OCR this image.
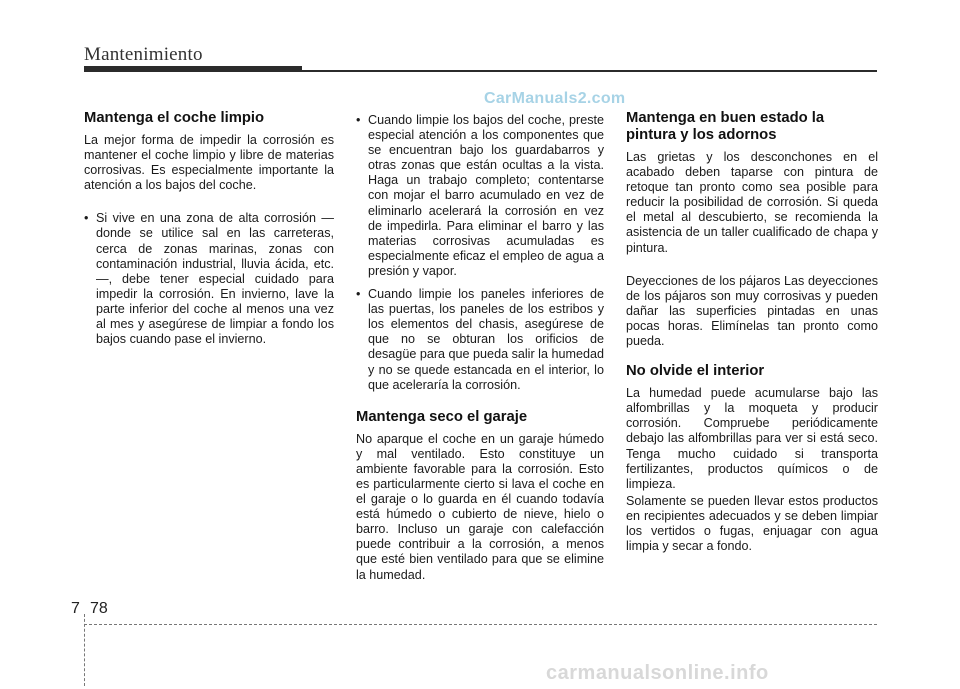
Mantenimiento
CarManuals2.com
Mantenga el coche limpio

La mejor forma de impedir la corrosión es mantener el coche limpio y libre de materias corrosivas. Es especialmente importante la atención a los bajos del coche.

• Si vive en una zona de alta corrosión — donde se utilice sal en las carreteras, cerca de zonas marinas, zonas con contaminación industrial, lluvia ácida, etc.—, debe tener especial cuidado para impedir la corrosión. En invierno, lave la parte inferior del coche al menos una vez al mes y asegúrese de limpiar a fondo los bajos cuando pase el invierno.
• Cuando limpie los bajos del coche, preste especial atención a los componentes que se encuentran bajo los guardabarros y otras zonas que están ocultas a la vista. Haga un trabajo completo; contentarse con mojar el barro acumulado en vez de eliminarlo acelerará la corrosión en vez de impedirla. Para eliminar el barro y las materias corrosivas acumuladas es especialmente eficaz el empleo de agua a presión y vapor.
• Cuando limpie los paneles inferiores de las puertas, los paneles de los estribos y los elementos del chasis, asegúrese de que no se obturan los orificios de desagüe para que pueda salir la humedad y no se quede estancada en el interior, lo que aceleraría la corrosión.
Mantenga seco el garaje

No aparque el coche en un garaje húmedo y mal ventilado. Esto constituye un ambiente favorable para la corrosión. Esto es particularmente cierto si lava el coche en el garaje o lo guarda en él cuando todavía está húmedo o cubierto de nieve, hielo o barro. Incluso un garaje con calefacción puede contribuir a la corrosión, a menos que esté bien ventilado para que se elimine la humedad.

Mantenga en buen estado la pintura y los adornos

Las grietas y los desconchones en el acabado deben taparse con pintura de retoque tan pronto como sea posible para reducir la posibilidad de corrosión. Si queda el metal al descubierto, se recomienda la asistencia de un taller cualificado de chapa y pintura.

Deyecciones de los pájaros Las deyecciones de los pájaros son muy corrosivas y pueden dañar las superficies pintadas en unas pocas horas. Elimínelas tan pronto como pueda.

No olvide el interior

La humedad puede acumularse bajo las alfombrillas y la moqueta y producir corrosión. Compruebe periódicamente debajo las alfombrillas para ver si está seco. Tenga mucho cuidado si transporta fertilizantes, productos químicos o de limpieza.

Solamente se pueden llevar estos productos en recipientes adecuados y se deben limpiar los vertidos o fugas, enjuagar con agua limpia y secar a fondo.

7 78
carmanualsonline.info
